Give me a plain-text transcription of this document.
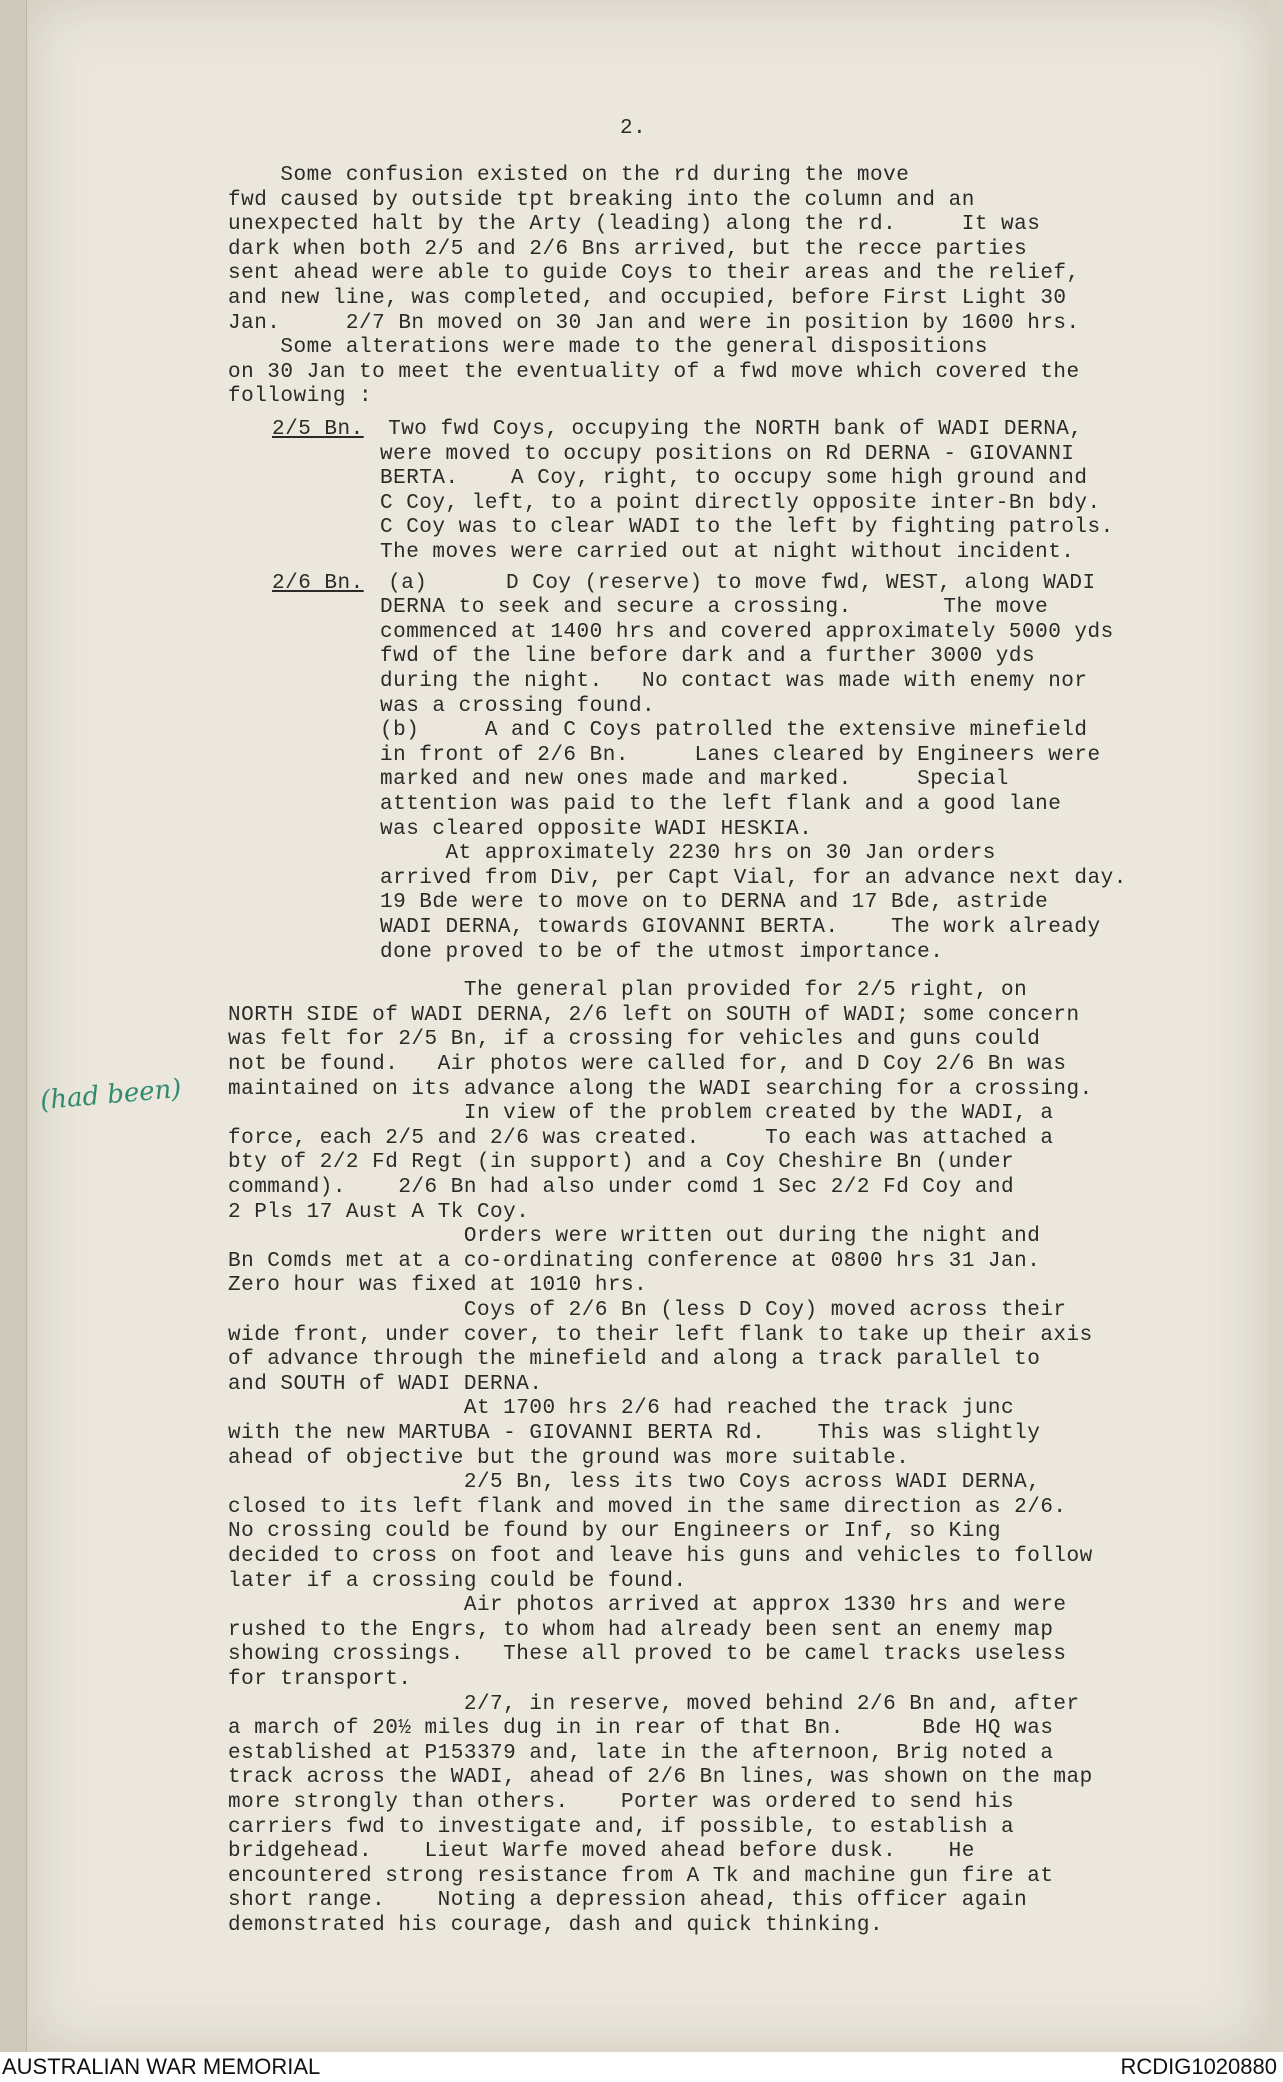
2.
Some confusion existed on the rd during the move
fwd caused by outside tpt breaking into the column and an
unexpected halt by the Arty (leading) along the rd.     It was
dark when both 2/5 and 2/6 Bns arrived, but the recce parties
sent ahead were able to guide Coys to their areas and the relief,
and new line, was completed, and occupied, before First Light 30
Jan.     2/7 Bn moved on 30 Jan and were in position by 1600 hrs.
Some alterations were made to the general dispositions
on 30 Jan to meet the eventuality of a fwd move which covered the
following :
2/5 Bn. Two fwd Coys, occupying the NORTH bank of WADI DERNA,
were moved to occupy positions on Rd DERNA - GIOVANNI
BERTA.    A Coy, right, to occupy some high ground and
C Coy, left, to a point directly opposite inter-Bn bdy.
C Coy was to clear WADI to the left by fighting patrols.
The moves were carried out at night without incident.
2/6 Bn. (a)      D Coy (reserve) to move fwd, WEST, along WADI
DERNA to seek and secure a crossing.       The move
commenced at 1400 hrs and covered approximately 5000 yds
fwd of the line before dark and a further 3000 yds
during the night.   No contact was made with enemy nor
was a crossing found.
(b)     A and C Coys patrolled the extensive minefield
in front of 2/6 Bn.     Lanes cleared by Engineers were
marked and new ones made and marked.     Special
attention was paid to the left flank and a good lane
was cleared opposite WADI HESKIA.
At approximately 2230 hrs on 30 Jan orders
arrived from Div, per Capt Vial, for an advance next day.
19 Bde were to move on to DERNA and 17 Bde, astride
WADI DERNA, towards GIOVANNI BERTA.    The work already
done proved to be of the utmost importance.
The general plan provided for 2/5 right, on
NORTH SIDE of WADI DERNA, 2/6 left on SOUTH of WADI; some concern
was felt for 2/5 Bn, if a crossing for vehicles and guns could
not be found.   Air photos were called for, and D Coy 2/6 Bn was
maintained on its advance along the WADI searching for a crossing.
In view of the problem created by the WADI, a
force, each 2/5 and 2/6 was created.     To each was attached a
bty of 2/2 Fd Regt (in support) and a Coy Cheshire Bn (under
command).    2/6 Bn had also under comd 1 Sec 2/2 Fd Coy and
2 Pls 17 Aust A Tk Coy.
Orders were written out during the night and
Bn Comds met at a co-ordinating conference at 0800 hrs 31 Jan.
Zero hour was fixed at 1010 hrs.
Coys of 2/6 Bn (less D Coy) moved across their
wide front, under cover, to their left flank to take up their axis
of advance through the minefield and along a track parallel to
and SOUTH of WADI DERNA.
At 1700 hrs 2/6 had reached the track junc
with the new MARTUBA - GIOVANNI BERTA Rd.    This was slightly
ahead of objective but the ground was more suitable.
2/5 Bn, less its two Coys across WADI DERNA,
closed to its left flank and moved in the same direction as 2/6.
No crossing could be found by our Engineers or Inf, so King
decided to cross on foot and leave his guns and vehicles to follow
later if a crossing could be found.
Air photos arrived at approx 1330 hrs and were
rushed to the Engrs, to whom had already been sent an enemy map
showing crossings.   These all proved to be camel tracks useless
for transport.
2/7, in reserve, moved behind 2/6 Bn and, after
a march of 20½ miles dug in in rear of that Bn.      Bde HQ was
established at P153379 and, late in the afternoon, Brig noted a
track across the WADI, ahead of 2/6 Bn lines, was shown on the map
more strongly than others.    Porter was ordered to send his
carriers fwd to investigate and, if possible, to establish a
bridgehead.    Lieut Warfe moved ahead before dusk.    He
encountered strong resistance from A Tk and machine gun fire at
short range.    Noting a depression ahead, this officer again
demonstrated his courage, dash and quick thinking.
(had been)
AUSTRALIAN WAR MEMORIAL	RCDIG1020880
